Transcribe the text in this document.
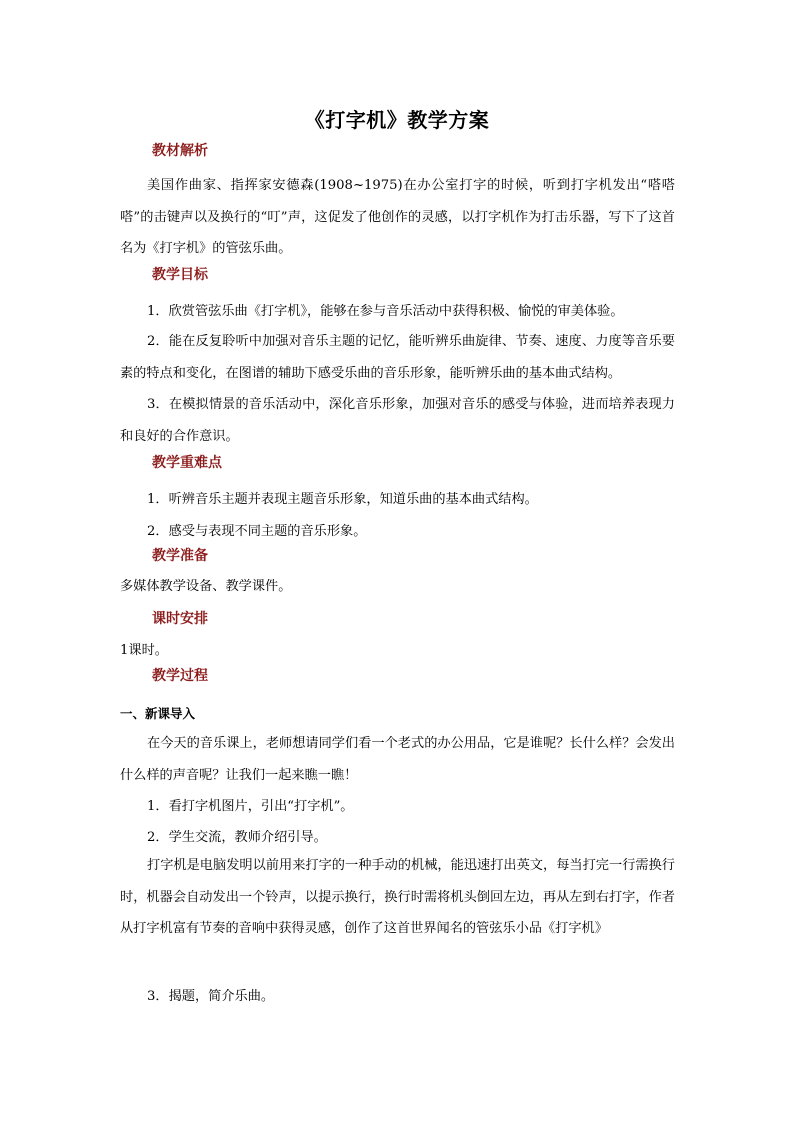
《打字机》教学方案
教材解析

美国作曲家、指挥家安德森(1908~1975)在办公室打字的时候，听到打字机发出“嗒嗒嗒”的击键声以及换行的“叮”声，这促发了他创作的灵感，以打字机作为打击乐器，写下了这首名为《打字机》的管弦乐曲。

教学目标
1．欣赏管弦乐曲《打字机》，能够在参与音乐活动中获得积极、愉悦的审美体验。

2．能在反复聆听中加强对音乐主题的记忆，能听辨乐曲旋律、节奏、速度、力度等音乐要素的特点和变化，在图谱的辅助下感受乐曲的音乐形象，能听辨乐曲的基本曲式结构。

3．在模拟情景的音乐活动中，深化音乐形象，加强对音乐的感受与体验，进而培养表现力和良好的合作意识。

教学重难点
1．听辨音乐主题并表现主题音乐形象，知道乐曲的基本曲式结构。
2．感受与表现不同主题的音乐形象。
教学准备
多媒体教学设备、教学课件。
课时安排
1课时。
教学过程
一、新课导入

在今天的音乐课上，老师想请同学们看一个老式的办公用品，它是谁呢？长什么样？会发出什么样的声音呢？让我们一起来瞧一瞧！

1．看打字机图片，引出“打字机”。
2．学生交流，教师介绍引导。

打字机是电脑发明以前用来打字的一种手动的机械，能迅速打出英文，每当打完一行需换行时，机器会自动发出一个铃声，以提示换行，换行时需将机头倒回左边，再从左到右打字，作者从打字机富有节奏的音响中获得灵感，创作了这首世界闻名的管弦乐小品《打字机》

3．揭题，简介乐曲。
